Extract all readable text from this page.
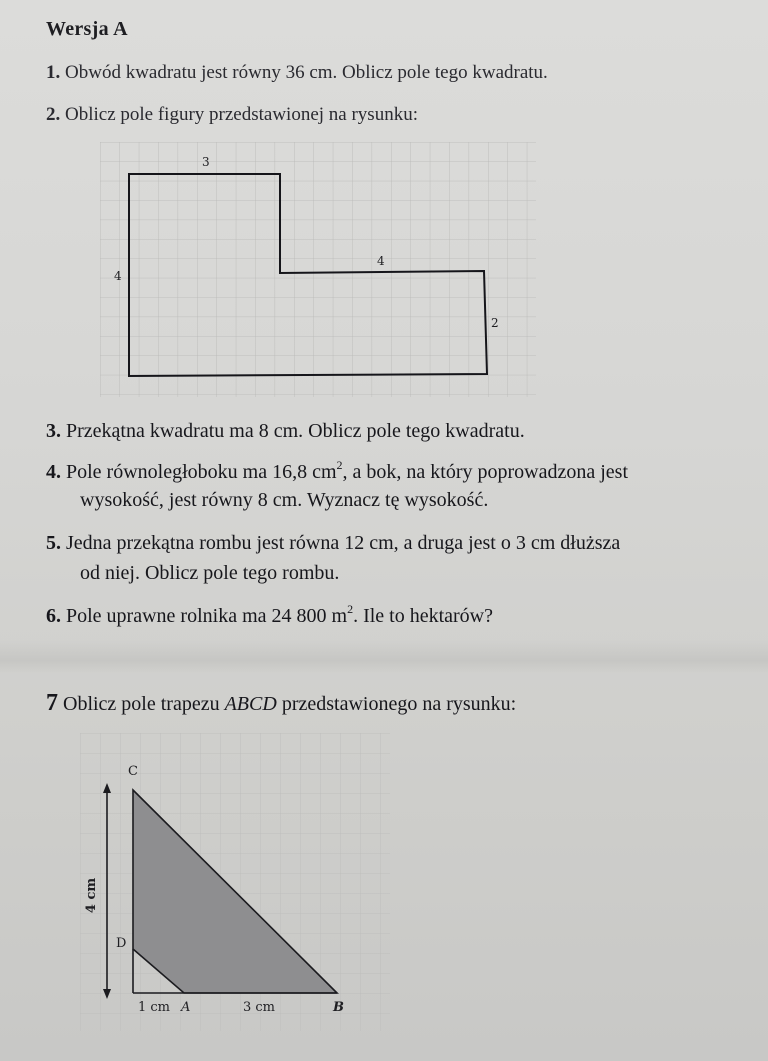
Wersja A
1. Obwód kwadratu jest równy 36 cm. Oblicz pole tego kwadratu.
2. Oblicz pole figury przedstawionej na rysunku:
3
4
4
2
3. Przekątna kwadratu ma 8 cm. Oblicz pole tego kwadratu.
4. Pole równoległoboku ma 16,8 $cm^2$, a bok, na który poprowadzona jest
wysokość, jest równy 8 cm. Wyznacz tę wysokość.
5. Jedna przekątna rombu jest równa 12 cm, a druga jest o 3 cm dłuższa
od niej. Oblicz pole tego rombu.
6. Pole uprawne rolnika ma 24 800 $m^2$. Ile to hektarów?
7 Oblicz pole trapezu ABCD przedstawionego na rysunku:
C
D
A	B
4 cm
1 cm	3 cm
